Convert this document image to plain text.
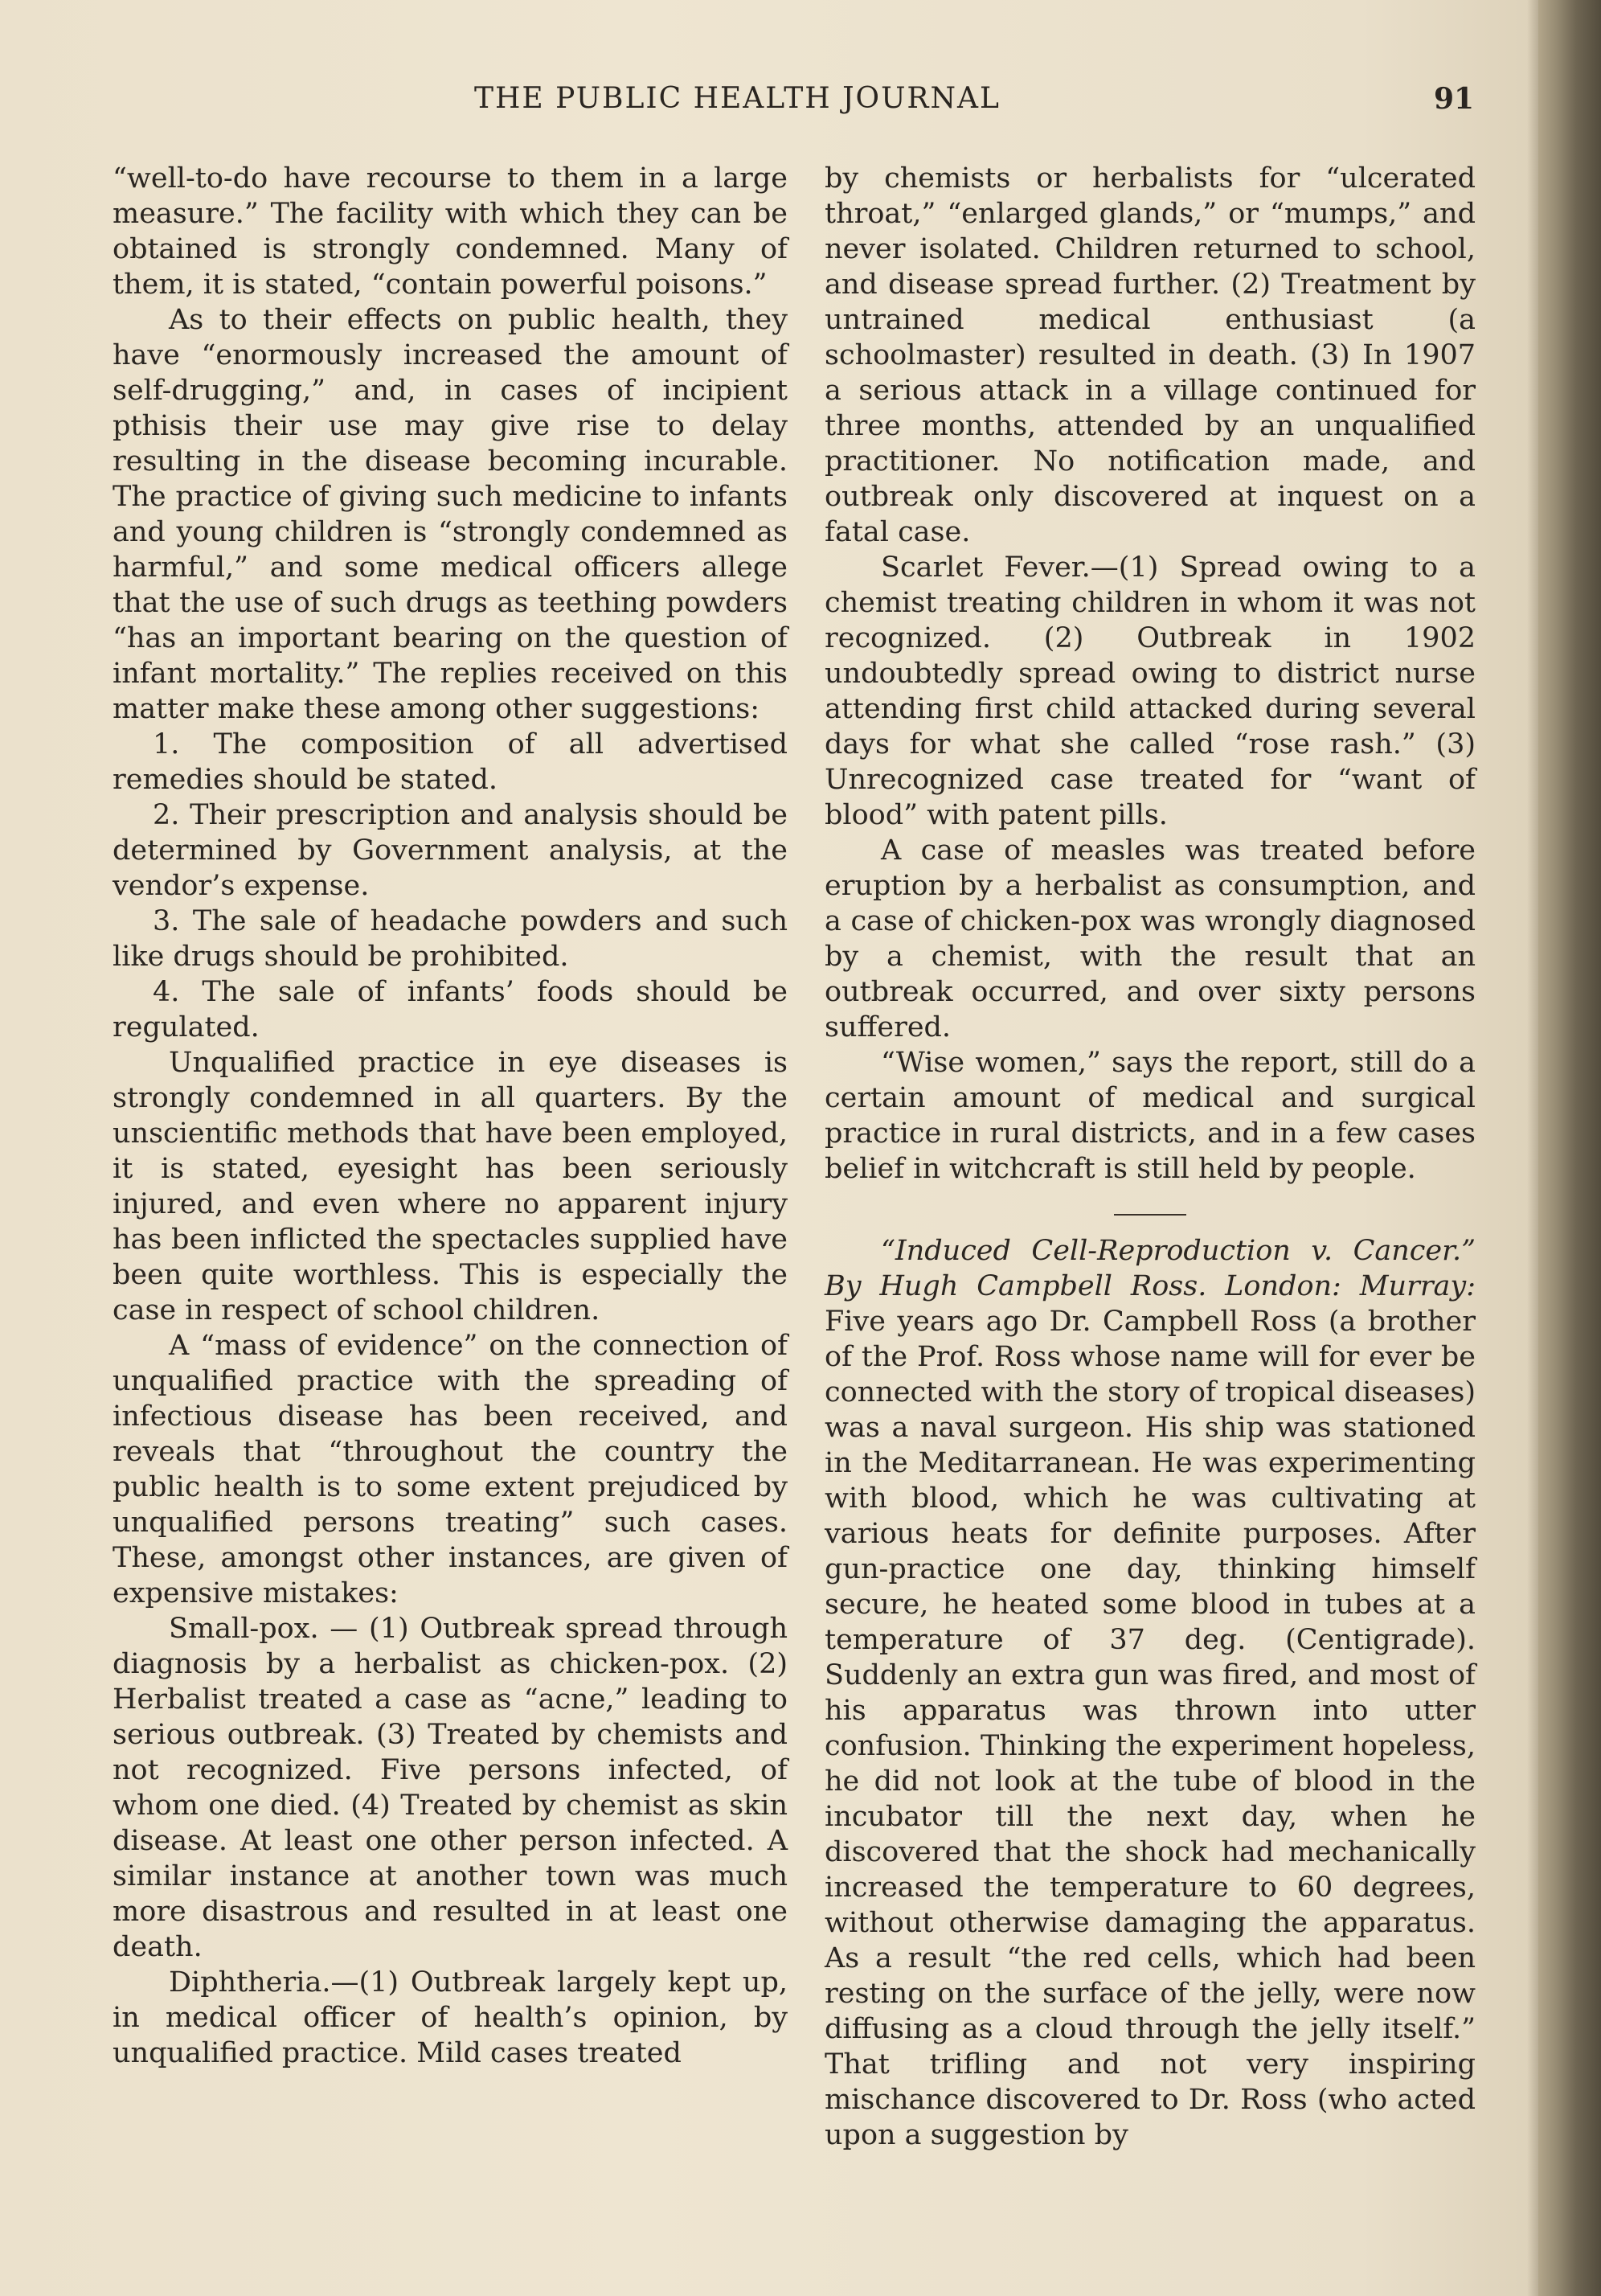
THE PUBLIC HEALTH JOURNAL	91

“well-to-do have recourse to them in a large measure.” The facility with which they can be obtained is strongly condemned. Many of them, it is stated, “contain powerful poisons.”

As to their effects on public health, they have “enormously increased the amount of self-drugging,” and, in cases of incipient pthisis their use may give rise to delay resulting in the disease becoming incurable. The practice of giving such medicine to infants and young children is “strongly condemned as harmful,” and some medical officers allege that the use of such drugs as teething powders “has an important bearing on the question of infant mortality.” The replies received on this matter make these among other suggestions:

1. The composition of all advertised remedies should be stated.

2. Their prescription and analysis should be determined by Government analysis, at the vendor’s expense.

3. The sale of headache powders and such like drugs should be prohibited.

4. The sale of infants’ foods should be regulated.

Unqualified practice in eye diseases is strongly condemned in all quarters. By the unscientific methods that have been employed, it is stated, eyesight has been seriously injured, and even where no apparent injury has been inflicted the spectacles supplied have been quite worthless. This is especially the case in respect of school children.

A “mass of evidence” on the connection of unqualified practice with the spreading of infectious disease has been received, and reveals that “throughout the country the public health is to some extent prejudiced by unqualified persons treating” such cases. These, amongst other instances, are given of expensive mistakes:

Small-pox. — (1) Outbreak spread through diagnosis by a herbalist as chicken-pox. (2) Herbalist treated a case as “acne,” leading to serious outbreak. (3) Treated by chemists and not recognized. Five persons infected, of whom one died. (4) Treated by chemist as skin disease. At least one other person infected. A similar instance at another town was much more disastrous and resulted in at least one death.

Diphtheria.—(1) Outbreak largely kept up, in medical officer of health’s opinion, by unqualified practice. Mild cases treated

by chemists or herbalists for “ulcerated throat,” “enlarged glands,” or “mumps,” and never isolated. Children returned to school, and disease spread further. (2) Treatment by untrained medical enthusiast (a schoolmaster) resulted in death. (3) In 1907 a serious attack in a village continued for three months, attended by an unqualified practitioner. No notification made, and outbreak only discovered at inquest on a fatal case.

Scarlet Fever.—(1) Spread owing to a chemist treating children in whom it was not recognized. (2) Outbreak in 1902 undoubtedly spread owing to district nurse attending first child attacked during several days for what she called “rose rash.” (3) Unrecognized case treated for “want of blood” with patent pills.

A case of measles was treated before eruption by a herbalist as consumption, and a case of chicken-pox was wrongly diagnosed by a chemist, with the result that an outbreak occurred, and over sixty persons suffered.

“Wise women,” says the report, still do a certain amount of medical and surgical practice in rural districts, and in a few cases belief in witchcraft is still held by people.

“Induced Cell-Reproduction v. Cancer.” By Hugh Campbell Ross. London: Murray: Five years ago Dr. Campbell Ross (a brother of the Prof. Ross whose name will for ever be connected with the story of tropical diseases) was a naval surgeon. His ship was stationed in the Meditarranean. He was experimenting with blood, which he was cultivating at various heats for definite purposes. After gun-practice one day, thinking himself secure, he heated some blood in tubes at a temperature of 37 deg. (Centigrade). Suddenly an extra gun was fired, and most of his apparatus was thrown into utter confusion. Thinking the experiment hopeless, he did not look at the tube of blood in the incubator till the next day, when he discovered that the shock had mechanically increased the temperature to 60 degrees, without otherwise damaging the apparatus. As a result “the red cells, which had been resting on the surface of the jelly, were now diffusing as a cloud through the jelly itself.” That trifling and not very inspiring mischance discovered to Dr. Ross (who acted upon a suggestion by
